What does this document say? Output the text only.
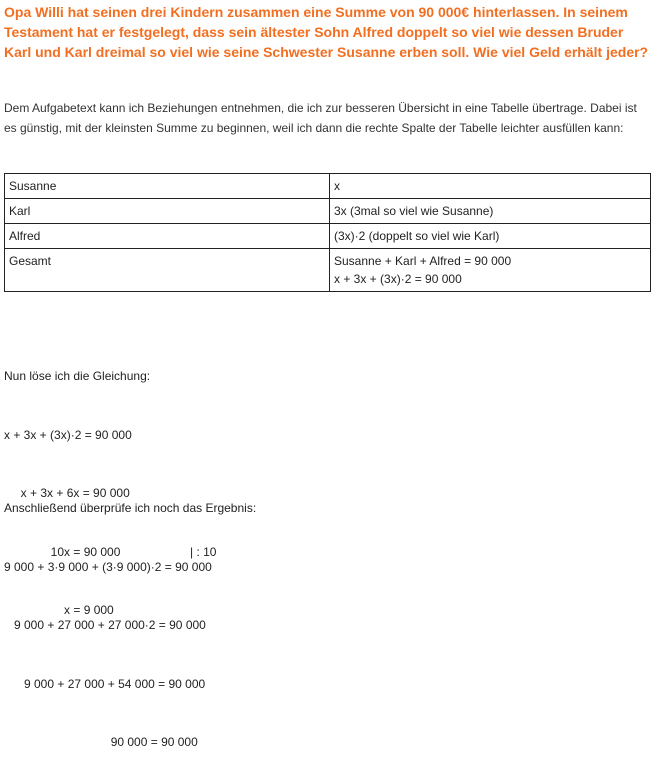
Opa Willi hat seinen drei Kindern zusammen eine Summe von 90 000€ hinterlassen. In seinem Testament hat er festgelegt, dass sein ältester Sohn Alfred doppelt so viel wie dessen Bruder Karl und Karl dreimal so viel wie seine Schwester Susanne erben soll. Wie viel Geld erhält jeder?
Dem Aufgabetext kann ich Beziehungen entnehmen, die ich zur besseren Übersicht in eine Tabelle übertrage. Dabei ist es günstig, mit der kleinsten Summe zu beginnen, weil ich dann die rechte Spalte der Tabelle leichter ausfüllen kann:
Susanne	x
Karl	3x (3mal so viel wie Susanne)
Alfred	(3x)·2 (doppelt so viel wie Karl)
Gesamt	Susanne + Karl + Alfred = 90 000
x + 3x + (3x)·2 = 90 000

Nun löse ich die Gleichung:

x + 3x + (3x)·2 = 90 000

x + 3x + 6x = 90 000

10x = 90 000	| : 10

x = 9 000

Anschließend überprüfe ich noch das Ergebnis:

9 000 + 3·9 000 + (3·9 000)·2 = 90 000

9 000 + 27 000 + 27 000·2 = 90 000

9 000 + 27 000 + 54 000 = 90 000

90 000 = 90 000
